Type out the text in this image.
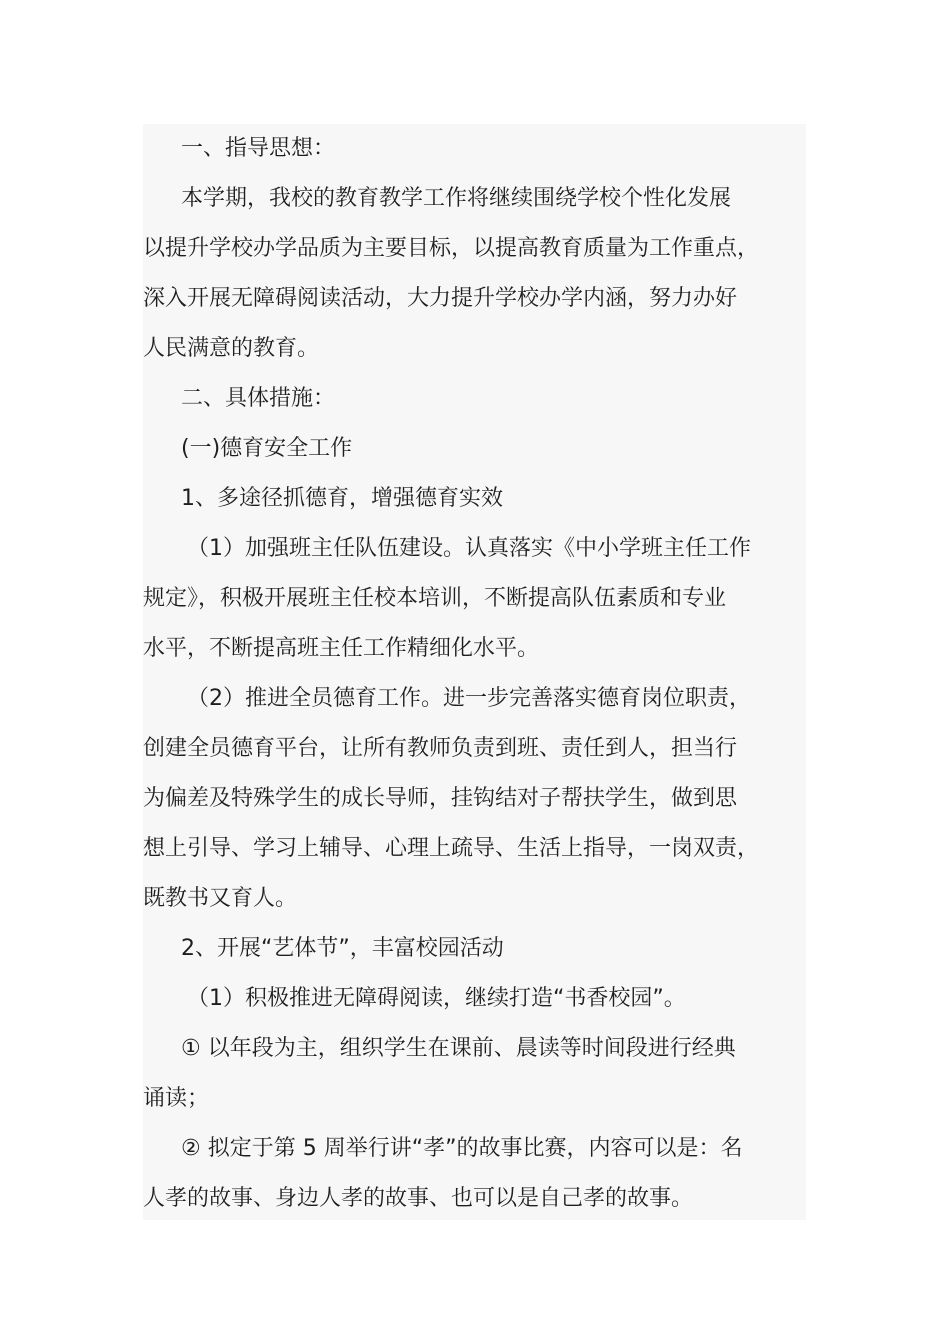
一、指导思想：

本学期，我校的教育教学工作将继续围绕学校个性化发展
以提升学校办学品质为主要目标，以提高教育质量为工作重点，
深入开展无障碍阅读活动，大力提升学校办学内涵，努力办好
人民满意的教育。

二、具体措施：

(一)德育安全工作

1、多途径抓德育，增强德育实效

（1）加强班主任队伍建设。认真落实《中小学班主任工作
规定》，积极开展班主任校本培训，不断提高队伍素质和专业
水平，不断提高班主任工作精细化水平。

（2）推进全员德育工作。进一步完善落实德育岗位职责，
创建全员德育平台，让所有教师负责到班、责任到人，担当行
为偏差及特殊学生的成长导师，挂钩结对子帮扶学生，做到思
想上引导、学习上辅导、心理上疏导、生活上指导，一岗双责，
既教书又育人。

2、开展“艺体节”，丰富校园活动

（1）积极推进无障碍阅读，继续打造“书香校园”。

① 以年段为主，组织学生在课前、晨读等时间段进行经典
诵读；

② 拟定于第 5 周举行讲“孝”的故事比赛，内容可以是：名
人孝的故事、身边人孝的故事、也可以是自己孝的故事。
